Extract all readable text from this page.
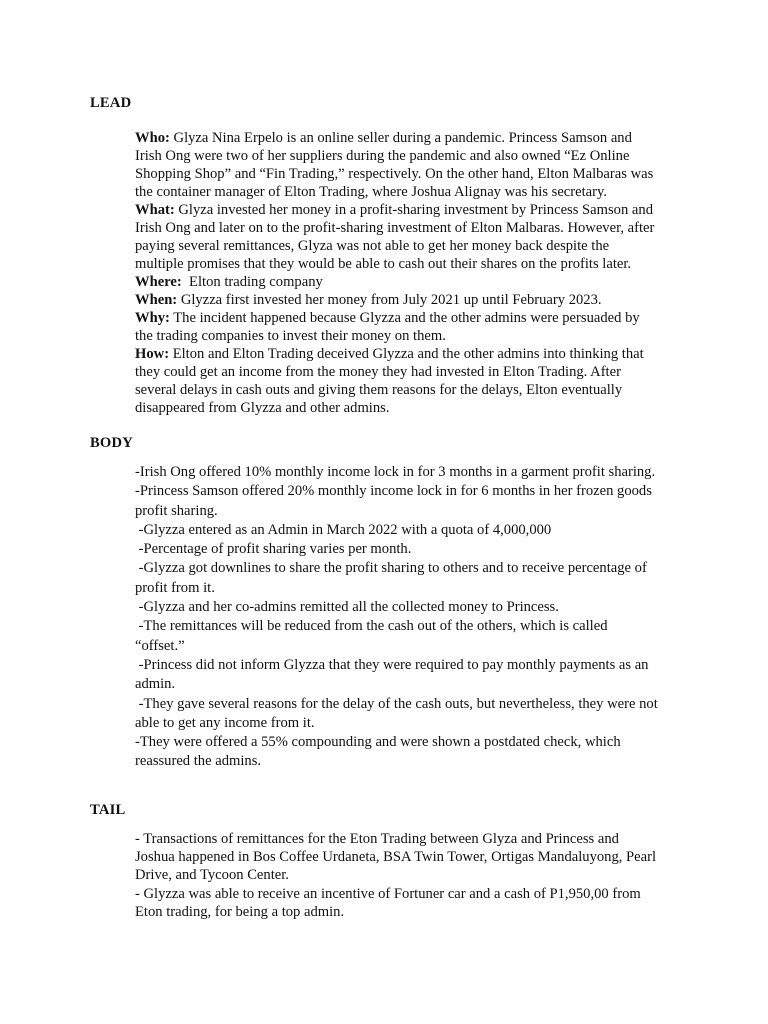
LEAD
Who: Glyza Nina Erpelo is an online seller during a pandemic. Princess Samson and
Irish Ong were two of her suppliers during the pandemic and also owned “Ez Online
Shopping Shop” and “Fin Trading,” respectively. On the other hand, Elton Malbaras was
the container manager of Elton Trading, where Joshua Alignay was his secretary.
What: Glyza invested her money in a profit-sharing investment by Princess Samson and
Irish Ong and later on to the profit-sharing investment of Elton Malbaras. However, after
paying several remittances, Glyza was not able to get her money back despite the
multiple promises that they would be able to cash out their shares on the profits later.
Where:  Elton trading company
When: Glyzza first invested her money from July 2021 up until February 2023.
Why: The incident happened because Glyzza and the other admins were persuaded by
the trading companies to invest their money on them.
How: Elton and Elton Trading deceived Glyzza and the other admins into thinking that
they could get an income from the money they had invested in Elton Trading. After
several delays in cash outs and giving them reasons for the delays, Elton eventually
disappeared from Glyzza and other admins.
BODY
-Irish Ong offered 10% monthly income lock in for 3 months in a garment profit sharing.
-Princess Samson offered 20% monthly income lock in for 6 months in her frozen goods
profit sharing.
-Glyzza entered as an Admin in March 2022 with a quota of 4,000,000
-Percentage of profit sharing varies per month.
-Glyzza got downlines to share the profit sharing to others and to receive percentage of
profit from it.
-Glyzza and her co-admins remitted all the collected money to Princess.
-The remittances will be reduced from the cash out of the others, which is called
“offset.”
-Princess did not inform Glyzza that they were required to pay monthly payments as an
admin.
-They gave several reasons for the delay of the cash outs, but nevertheless, they were not
able to get any income from it.
-They were offered a 55% compounding and were shown a postdated check, which
reassured the admins.
TAIL
- Transactions of remittances for the Eton Trading between Glyza and Princess and
Joshua happened in Bos Coffee Urdaneta, BSA Twin Tower, Ortigas Mandaluyong, Pearl
Drive, and Tycoon Center.
- Glyzza was able to receive an incentive of Fortuner car and a cash of P1,950,00 from
Eton trading, for being a top admin.
